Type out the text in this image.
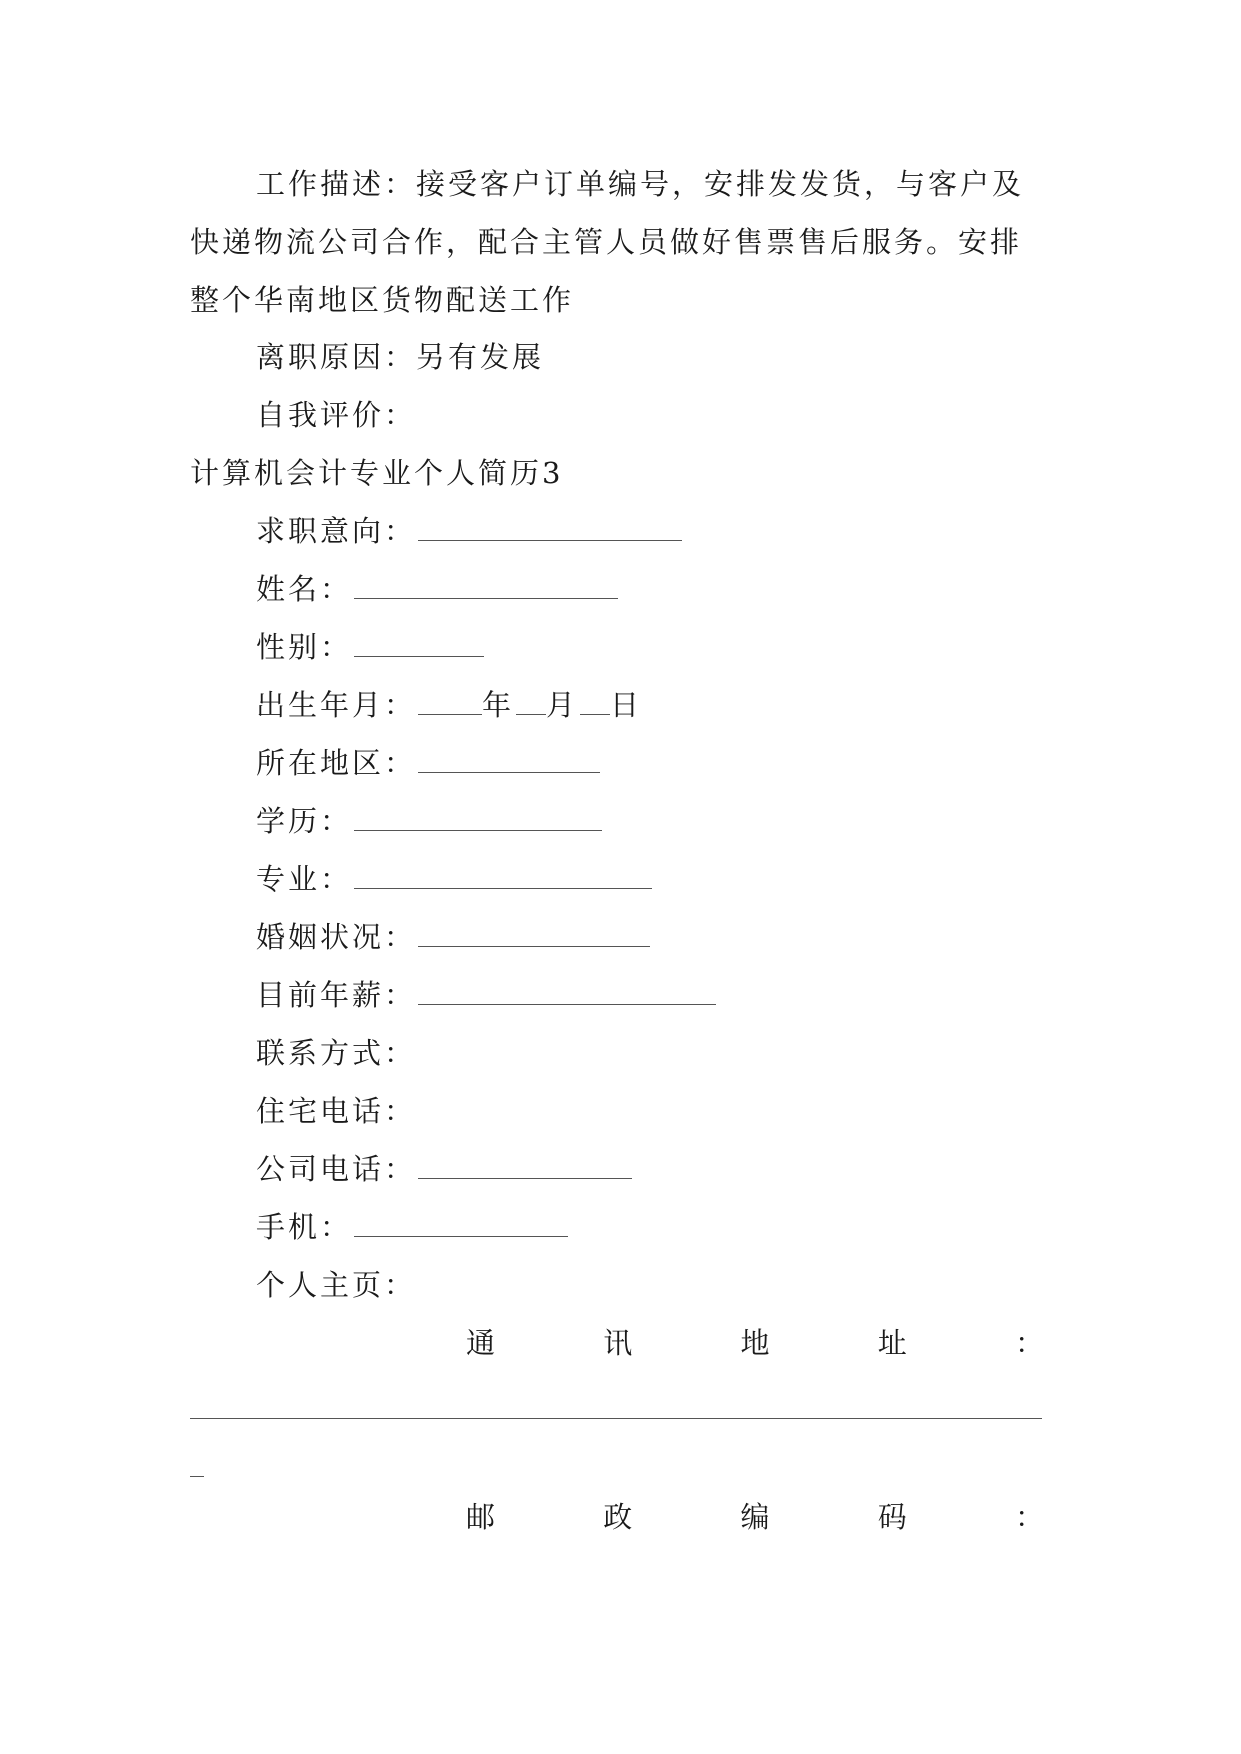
工作描述：接受客户订单编号，安排发发货，与客户及
快递物流公司合作，配合主管人员做好售票售后服务。安排
整个华南地区货物配送工作
离职原因：另有发展
自我评价：
计算机会计专业个人简历3
求职意向：
姓名：
性别：
出生年月： 年 月 日
所在地区：
学历：
专业：
婚姻状况：
目前年薪：
联系方式：
住宅电话：
公司电话：
手机：
个人主页：
通	讯	地	址	：
邮	政	编	码	：
